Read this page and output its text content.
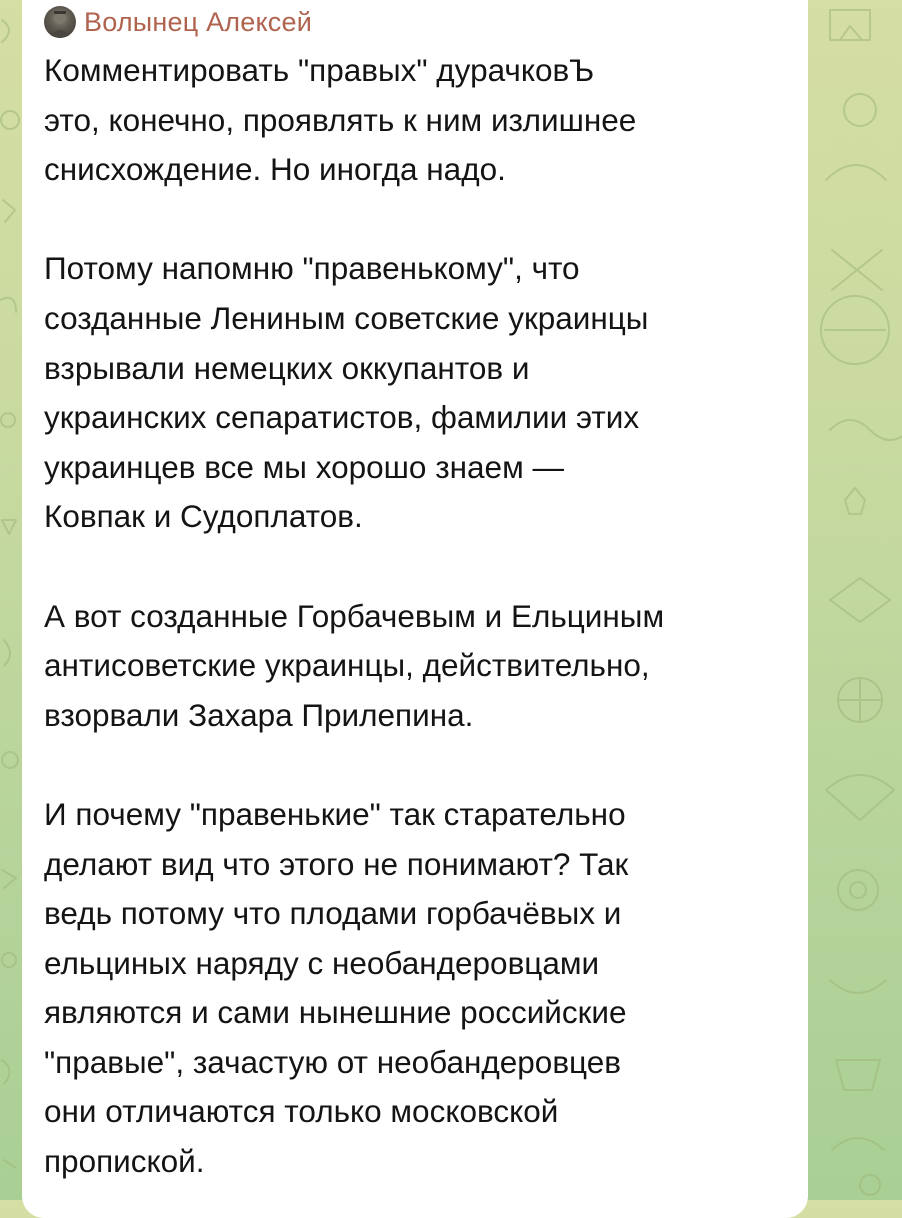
Волынец Алексей

Комментировать "правых" дурачковЪ
это, конечно, проявлять к ним излишнее
снисхождение. Но иногда надо.

Потому напомню "правенькому", что
созданные Лениным советские украинцы
взрывали немецких оккупантов и
украинских сепаратистов, фамилии этих
украинцев все мы хорошо знаем —
Ковпак и Судоплатов.

А вот созданные Горбачевым и Ельциным
антисоветские украинцы, действительно,
взорвали Захара Прилепина.

И почему "правенькие" так старательно
делают вид что этого не понимают? Так
ведь потому что плодами горбачёвых и
ельциных наряду с необандеровцами
являются и сами нынешние российские
"правые", зачастую от необандеровцев
они отличаются только московской
пропиской.
